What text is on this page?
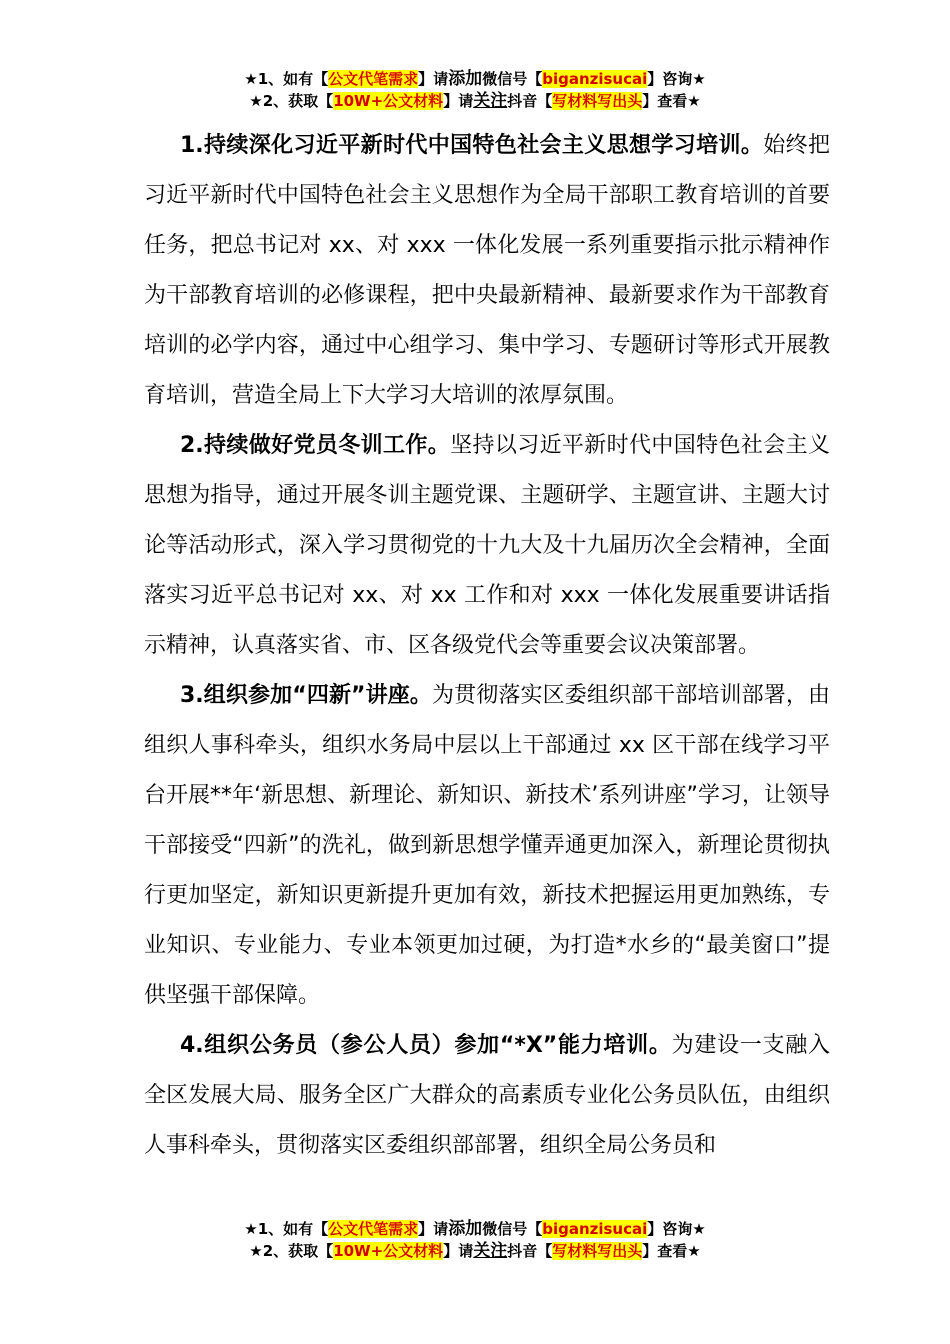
★1、如有【公文代笔需求】请添加微信号【biganzisucai】咨询★
★2、获取【10W+公文材料】请关注抖音【写材料写出头】查看★

1.持续深化习近平新时代中国特色社会主义思想学习培训。始终把习近平新时代中国特色社会主义思想作为全局干部职工教育培训的首要任务，把总书记对 xx、对 xxx 一体化发展一系列重要指示批示精神作为干部教育培训的必修课程，把中央最新精神、最新要求作为干部教育培训的必学内容，通过中心组学习、集中学习、专题研讨等形式开展教育培训，营造全局上下大学习大培训的浓厚氛围。

2.持续做好党员冬训工作。坚持以习近平新时代中国特色社会主义思想为指导，通过开展冬训主题党课、主题研学、主题宣讲、主题大讨论等活动形式，深入学习贯彻党的十九大及十九届历次全会精神，全面落实习近平总书记对 xx、对 xx 工作和对 xxx 一体化发展重要讲话指示精神，认真落实省、市、区各级党代会等重要会议决策部署。

3.组织参加“四新”讲座。为贯彻落实区委组织部干部培训部署，由组织人事科牵头，组织水务局中层以上干部通过 xx 区干部在线学习平台开展**年‘新思想、新理论、新知识、新技术’系列讲座”学习，让领导干部接受“四新”的洗礼，做到新思想学懂弄通更加深入，新理论贯彻执行更加坚定，新知识更新提升更加有效，新技术把握运用更加熟练，专业知识、专业能力、专业本领更加过硬，为打造*水乡的“最美窗口”提供坚强干部保障。

4.组织公务员（参公人员）参加“*X”能力培训。为建设一支融入全区发展大局、服务全区广大群众的高素质专业化公务员队伍，由组织人事科牵头，贯彻落实区委组织部部署，组织全局公务员和

★1、如有【公文代笔需求】请添加微信号【biganzisucai】咨询★
★2、获取【10W+公文材料】请关注抖音【写材料写出头】查看★
